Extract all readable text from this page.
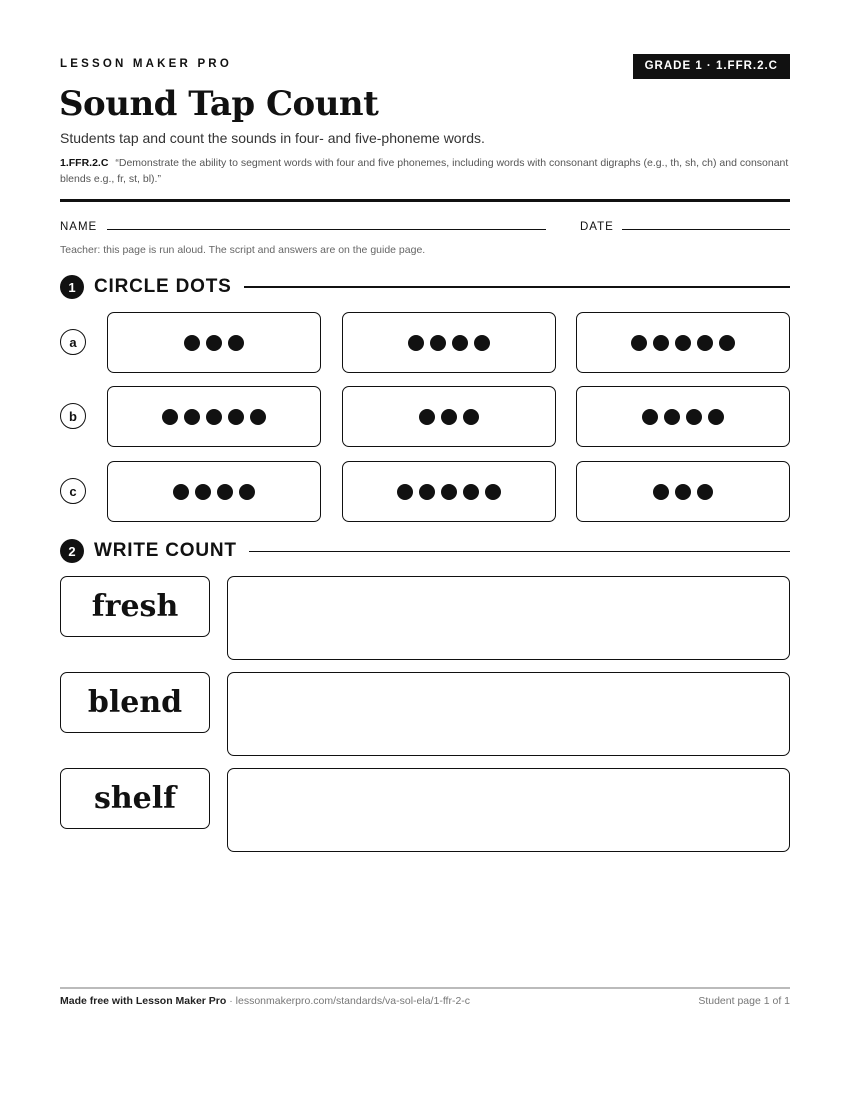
LESSON MAKER PRO	GRADE 1 · 1.FFR.2.C
Sound Tap Count
Students tap and count the sounds in four- and five-phoneme words.
1.FFR.2.C “Demonstrate the ability to segment words with four and five phonemes, including words with consonant digraphs (e.g., th, sh, ch) and consonant blends e.g., fr, st, bl).”
NAME	DATE
Teacher: this page is run aloud. The script and answers are on the guide page.
1 CIRCLE DOTS
a
b
c
2 WRITE COUNT
fresh
blend
shelf
Made free with Lesson Maker Pro · lessonmakerpro.com/standards/va-sol-ela/1-ffr-2-c	Student page 1 of 1
